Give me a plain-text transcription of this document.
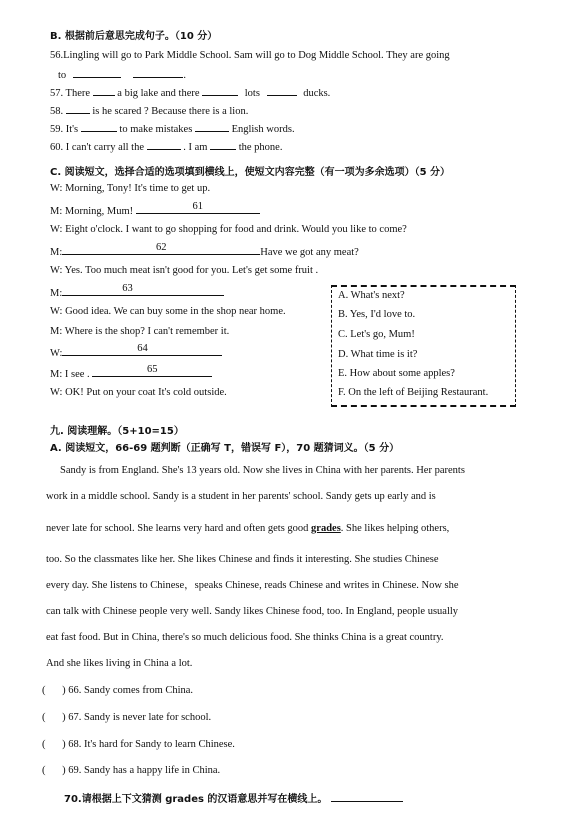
B. 根据前后意思完成句子。（10 分）
56.Lingling will go to Park Middle School. Sam will go to Dog Middle School. They are going
to	.
57. There	a big lake and there	lots	ducks.
58.	is he scared ? Because there is a lion.
59. It's	to make mistakes	English words.
60. I can't carry all the	. I am	the phone.
C. 阅读短文，选择合适的选项填到横线上，使短文内容完整（有一项为多余选项）（5 分）
W: Morning, Tony! It's time to get up.
M: Morning, Mum!	61
W: Eight o'clock. I want to go shopping for food and drink. Would you like to come?
M:	62	Have we got any meat?
W: Yes. Too much meat isn't good for you. Let's get some fruit .
M:	63
W: Good idea. We can buy some in the shop near home.
M: Where is the shop? I can't remember it.
W:	64
M: I see .	65
W: OK! Put on your coat It's cold outside.
A. What's next?
B. Yes, I'd love to.
C. Let's go, Mum!
D. What time is it?
E. How about some apples?
F. On the left of Beijing Restaurant.
九. 阅读理解。（5+10=15）
A. 阅读短文，66-69 题判断（正确写 T，错误写 F），70 题猜词义。（5 分）
Sandy is from England. She's 13 years old. Now she lives in China with her parents. Her parents
work in a middle school. Sandy is a student in her parents' school. Sandy gets up early and is
never late for school. She learns very hard and often gets good grades. She likes helping others,
too. So the classmates like her. She likes Chinese and finds it interesting. She studies Chinese
every day. She listens to Chinese，speaks Chinese, reads Chinese and writes in Chinese. Now she
can talk with Chinese people very well. Sandy likes Chinese food, too. In England, people usually
eat fast food. But in China, there's so much delicious food. She thinks China is a great country.
And she likes living in China a lot.
( ) 66. Sandy comes from China.
( ) 67. Sandy is never late for school.
( ) 68. It's hard for Sandy to learn Chinese.
( ) 69. Sandy has a happy life in China.
70.请根据上下文猜测 grades 的汉语意思并写在横线上。
